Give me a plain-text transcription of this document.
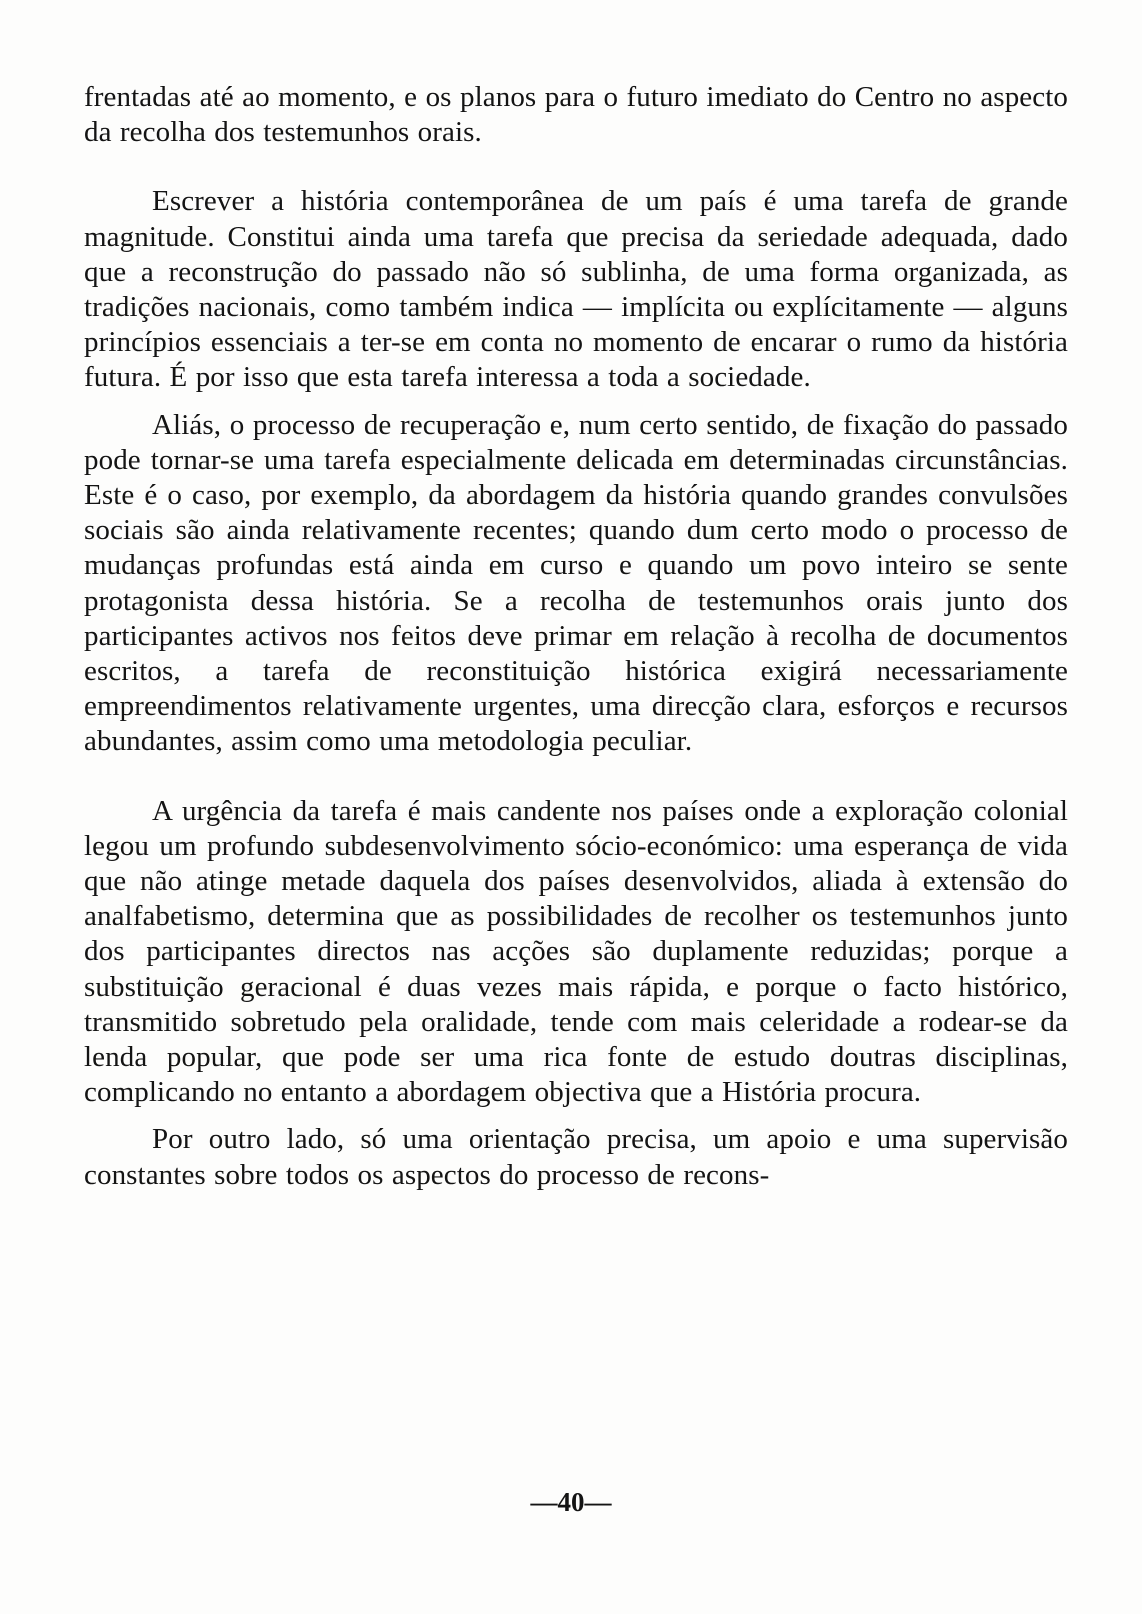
frentadas até ao momento, e os planos para o futuro imediato do Centro no aspecto da recolha dos testemunhos orais.

Escrever a história contemporânea de um país é uma tarefa de grande magnitude. Constitui ainda uma tarefa que precisa da seriedade adequada, dado que a reconstrução do passado não só sublinha, de uma forma organizada, as tradições nacionais, como também indica — implícita ou explícitamente — alguns princípios essenciais a ter-se em conta no momento de encarar o rumo da história futura. É por isso que esta tarefa interessa a toda a sociedade.

Aliás, o processo de recuperação e, num certo sentido, de fixação do passado pode tornar-se uma tarefa especialmente delicada em determinadas circunstâncias. Este é o caso, por exemplo, da abordagem da história quando grandes convulsões sociais são ainda relativamente recentes; quando dum certo modo o processo de mudanças profundas está ainda em curso e quando um povo inteiro se sente protagonista dessa história. Se a recolha de testemunhos orais junto dos participantes activos nos feitos deve primar em relação à recolha de documentos escritos, a tarefa de reconstituição histórica exigirá necessariamente empreendimentos relativamente urgentes, uma direcção clara, esforços e recursos abundantes, assim como uma metodologia peculiar.

A urgência da tarefa é mais candente nos países onde a exploração colonial legou um profundo subdesenvolvimento sócio-económico: uma esperança de vida que não atinge metade daquela dos países desenvolvidos, aliada à extensão do analfabetismo, determina que as possibilidades de recolher os testemunhos junto dos participantes directos nas acções são duplamente reduzidas; porque a substituição geracional é duas vezes mais rápida, e porque o facto histórico, transmitido sobretudo pela oralidade, tende com mais celeridade a rodear-se da lenda popular, que pode ser uma rica fonte de estudo doutras disciplinas, complicando no entanto a abordagem objectiva que a História procura.

Por outro lado, só uma orientação precisa, um apoio e uma supervisão constantes sobre todos os aspectos do processo de recons-

—40—
